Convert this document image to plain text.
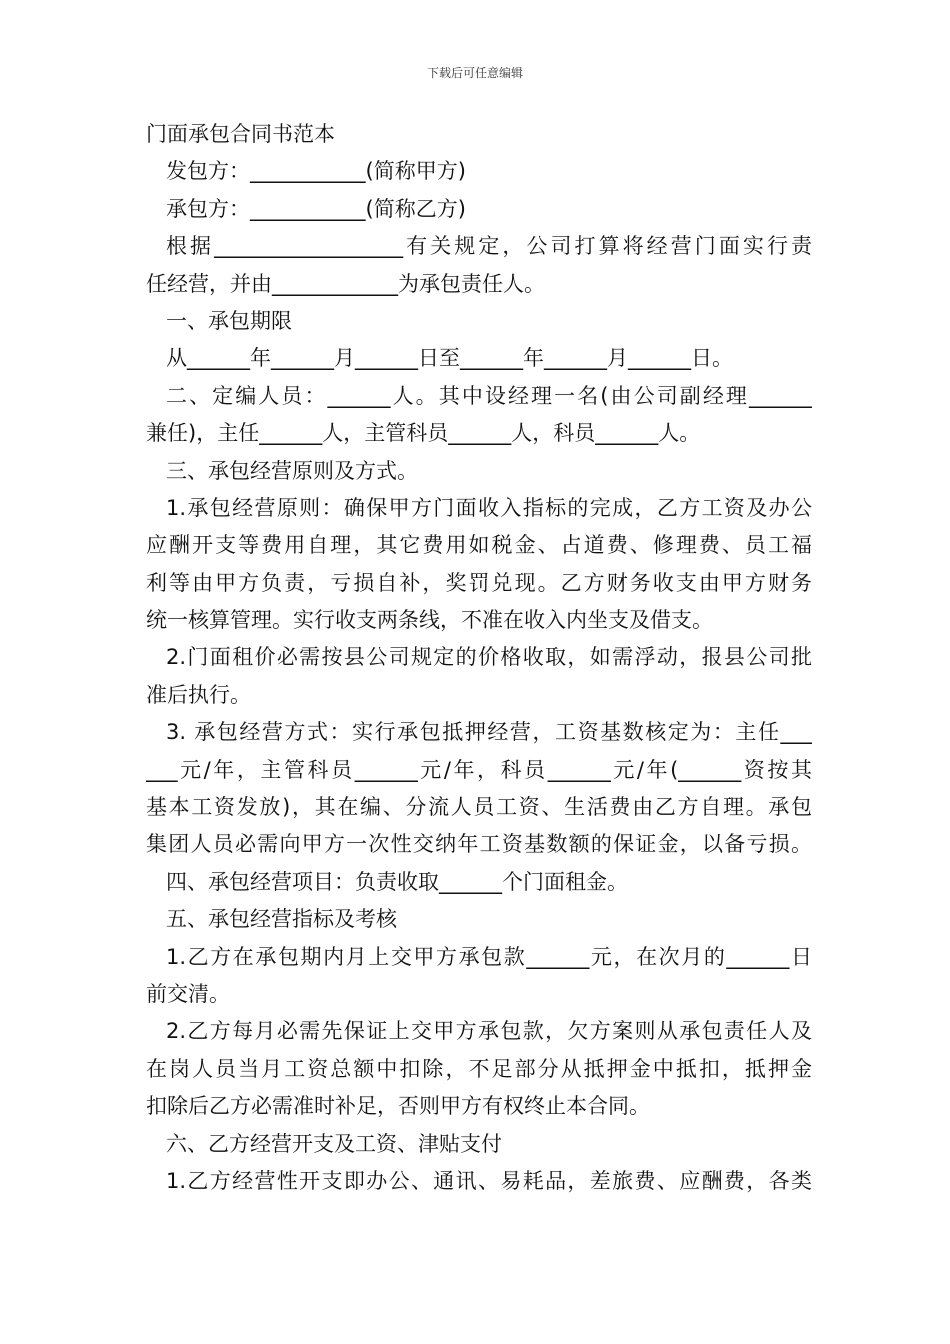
下载后可任意编辑
门面承包合同书范本
发包方：___________(简称甲方)
承包方：___________(简称乙方)
根据__________________有关规定，公司打算将经营门面实行责
任经营，并由____________为承包责任人。
一、承包期限
从______年______月______日至______年______月______日。
二、定编人员：______人。其中设经理一名(由公司副经理______
兼任)，主任______人，主管科员______人，科员______人。
三、承包经营原则及方式。
1.承包经营原则：确保甲方门面收入指标的完成，乙方工资及办公
应酬开支等费用自理，其它费用如税金、占道费、修理费、员工福
利等由甲方负责，亏损自补，奖罚兑现。乙方财务收支由甲方财务
统一核算管理。实行收支两条线，不准在收入内坐支及借支。
2.门面租价必需按县公司规定的价格收取，如需浮动，报县公司批
准后执行。
3. 承包经营方式：实行承包抵押经营，工资基数核定为：主任___
___元/年，主管科员______元/年，科员______元/年(______资按其
基本工资发放)，其在编、分流人员工资、生活费由乙方自理。承包
集团人员必需向甲方一次性交纳年工资基数额的保证金，以备亏损。
四、承包经营项目：负责收取______个门面租金。
五、承包经营指标及考核
1.乙方在承包期内月上交甲方承包款______元，在次月的______日
前交清。
2.乙方每月必需先保证上交甲方承包款，欠方案则从承包责任人及
在岗人员当月工资总额中扣除，不足部分从抵押金中抵扣，抵押金
扣除后乙方必需准时补足，否则甲方有权终止本合同。
六、乙方经营开支及工资、津贴支付
1.乙方经营性开支即办公、通讯、易耗品，差旅费、应酬费，各类
